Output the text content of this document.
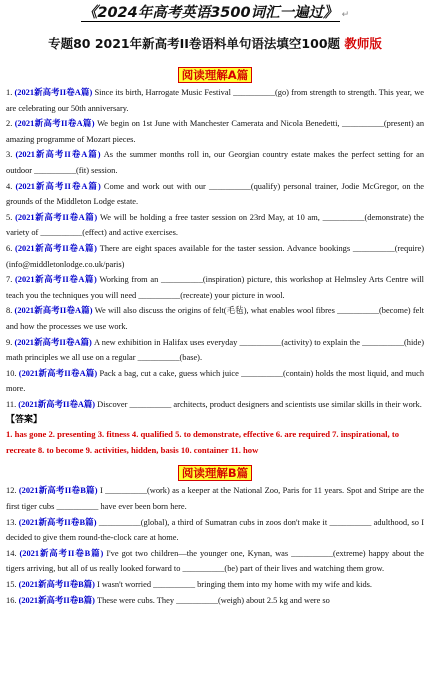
《2024年高考英语3500词汇一遍过》 ↵
专题80 2021年新高考II卷语料单句语法填空100题 教师版
阅读理解A篇
1. (2021新高考II卷A篇) Since its birth, Harrogate Music Festival __________(go) from strength to strength. This year, we are celebrating our 50th anniversary.
2. (2021新高考II卷A篇) We begin on 1st June with Manchester Camerata and Nicola Benedetti, __________(present) an amazing programme of Mozart pieces.
3. (2021新高考II卷A篇) As the summer months roll in, our Georgian country estate makes the perfect setting for an outdoor __________(fit) session.
4. (2021新高考II卷A篇) Come and work out with our __________(qualify) personal trainer, Jodie McGregor, on the grounds of the Middleton Lodge estate.
5. (2021新高考II卷A篇) We will be holding a free taster session on 23rd May, at 10 am, __________(demonstrate) the variety of __________(effect) and active exercises.
6. (2021新高考II卷A篇) There are eight spaces available for the taster session. Advance bookings __________(require) (info@middletonlodge.co.uk/paris)
7. (2021新高考II卷A篇) Working from an __________(inspiration) picture, this workshop at Helmsley Arts Centre will teach you the techniques you will need __________(recreate) your picture in wool.
8. (2021新高考II卷A篇) We will also discuss the origins of felt(毛毡), what enables wool fibres __________(become) felt and how the processes we use work.
9. (2021新高考II卷A篇) A new exhibition in Halifax uses everyday __________(activity) to explain the __________(hide) math principles we all use on a regular __________(base).
10. (2021新高考II卷A篇) Pack a bag, cut a cake, guess which juice __________(contain) holds the most liquid, and much more.
11. (2021新高考II卷A篇) Discover __________ architects, product designers and scientists use similar skills in their work.
【答案】
1. has gone 2. presenting 3. fitness 4. qualified 5. to demonstrate, effective 6. are required 7. inspirational, to recreate 8. to become 9. activities, hidden, basis 10. container 11. how
阅读理解B篇
12. (2021新高考II卷B篇) I __________(work) as a keeper at the National Zoo, Paris for 11 years. Spot and Stripe are the first tiger cubs __________ have ever been born here.
13. (2021新高考II卷B篇) __________(global), a third of Sumatran cubs in zoos don't make it __________ adulthood, so I decided to give them round-the-clock care at home.
14. (2021新高考II卷B篇) I've got two children—the younger one, Kynan, was __________(extreme) happy about the tigers arriving, but all of us really looked forward to __________(be) part of their lives and watching them grow.
15. (2021新高考II卷B篇) I wasn't worried __________ bringing them into my home with my wife and kids.
16. (2021新高考II卷B篇) These were cubs. They __________(weigh) about 2.5 kg and were so
